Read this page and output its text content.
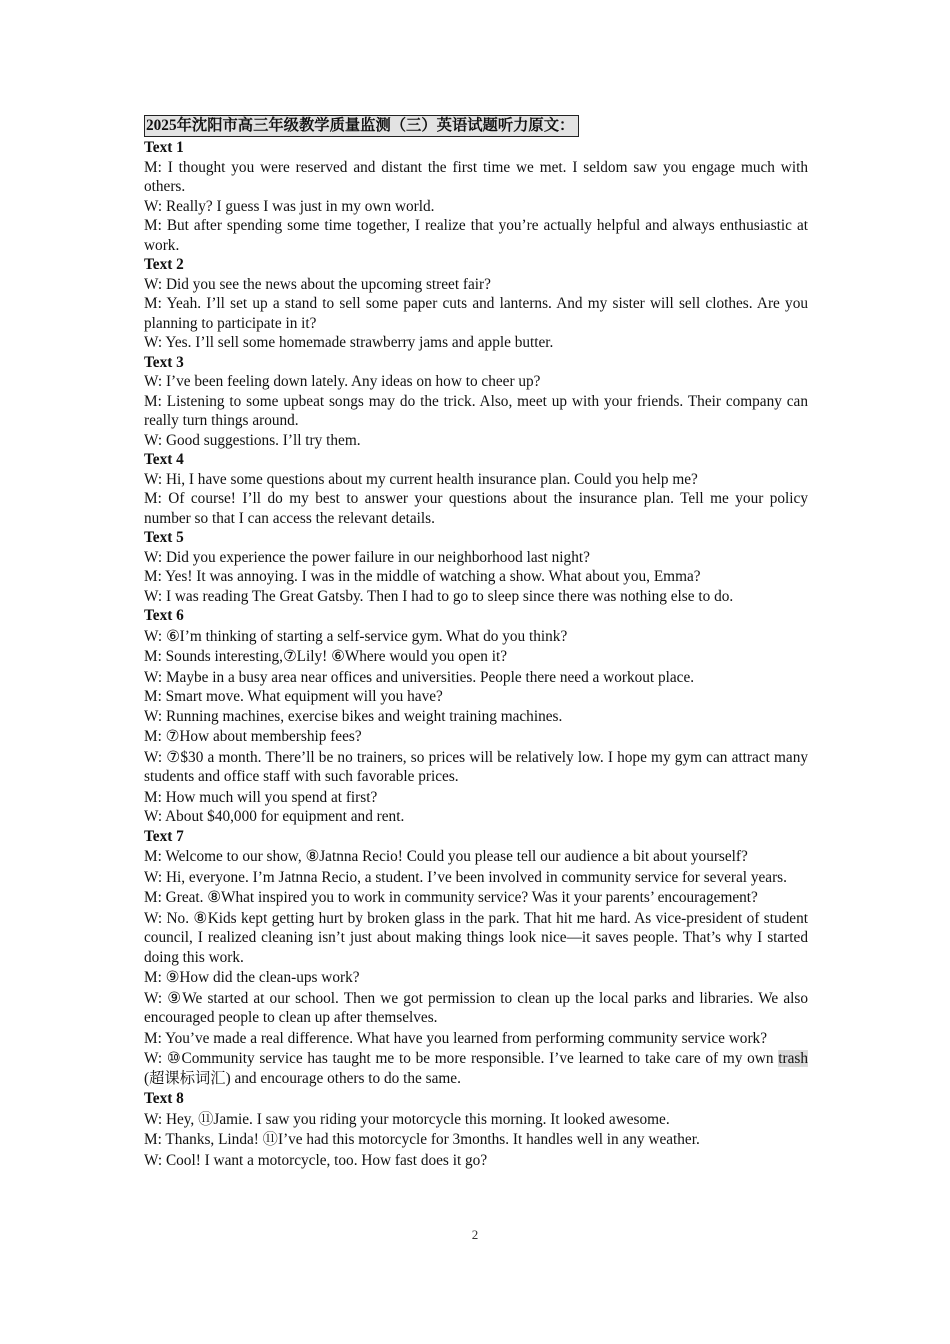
2025年沈阳市高三年级教学质量监测（三）英语试题听力原文：
Text 1
M: I thought you were reserved and distant the first time we met. I seldom saw you engage much with others.
W: Really? I guess I was just in my own world.
M: But after spending some time together, I realize that you’re actually helpful and always enthusiastic at work.
Text 2
W: Did you see the news about the upcoming street fair?
M: Yeah. I’ll set up a stand to sell some paper cuts and lanterns. And my sister will sell clothes. Are you planning to participate in it?
W: Yes. I’ll sell some homemade strawberry jams and apple butter.
Text 3
W: I’ve been feeling down lately. Any ideas on how to cheer up?
M: Listening to some upbeat songs may do the trick. Also, meet up with your friends. Their company can really turn things around.
W: Good suggestions. I’ll try them.
Text 4
W: Hi, I have some questions about my current health insurance plan. Could you help me?
M: Of course! I’ll do my best to answer your questions about the insurance plan. Tell me your policy number so that I can access the relevant details.
Text 5
W: Did you experience the power failure in our neighborhood last night?
M: Yes! It was annoying. I was in the middle of watching a show. What about you, Emma?
W: I was reading The Great Gatsby. Then I had to go to sleep since there was nothing else to do.
Text 6
W: ⑥I’m thinking of starting a self-service gym. What do you think?
M: Sounds interesting,⑦Lily! ⑥Where would you open it?
W: Maybe in a busy area near offices and universities. People there need a workout place.
M: Smart move. What equipment will you have?
W: Running machines, exercise bikes and weight training machines.
M: ⑦How about membership fees?
W: ⑦$30 a month. There’ll be no trainers, so prices will be relatively low. I hope my gym can attract many students and office staff with such favorable prices.
M: How much will you spend at first?
W: About $40,000 for equipment and rent.
Text 7
M: Welcome to our show, ⑧Jatnna Recio! Could you please tell our audience a bit about yourself?
W: Hi, everyone. I’m Jatnna Recio, a student. I’ve been involved in community service for several years.
M: Great. ⑧What inspired you to work in community service? Was it your parents’ encouragement?
W: No. ⑧Kids kept getting hurt by broken glass in the park. That hit me hard. As vice-president of student council, I realized cleaning isn’t just about making things look nice—it saves people. That’s why I started doing this work.
M: ⑨How did the clean-ups work?
W: ⑨We started at our school. Then we got permission to clean up the local parks and libraries. We also encouraged people to clean up after themselves.
M: You’ve made a real difference. What have you learned from performing community service work?
W: ⑩Community service has taught me to be more responsible. I’ve learned to take care of my own trash (超课标词汇) and encourage others to do the same.
Text 8
W: Hey, ⑪Jamie. I saw you riding your motorcycle this morning. It looked awesome.
M: Thanks, Linda! ⑪I’ve had this motorcycle for 3months. It handles well in any weather.
W: Cool! I want a motorcycle, too. How fast does it go?
2
